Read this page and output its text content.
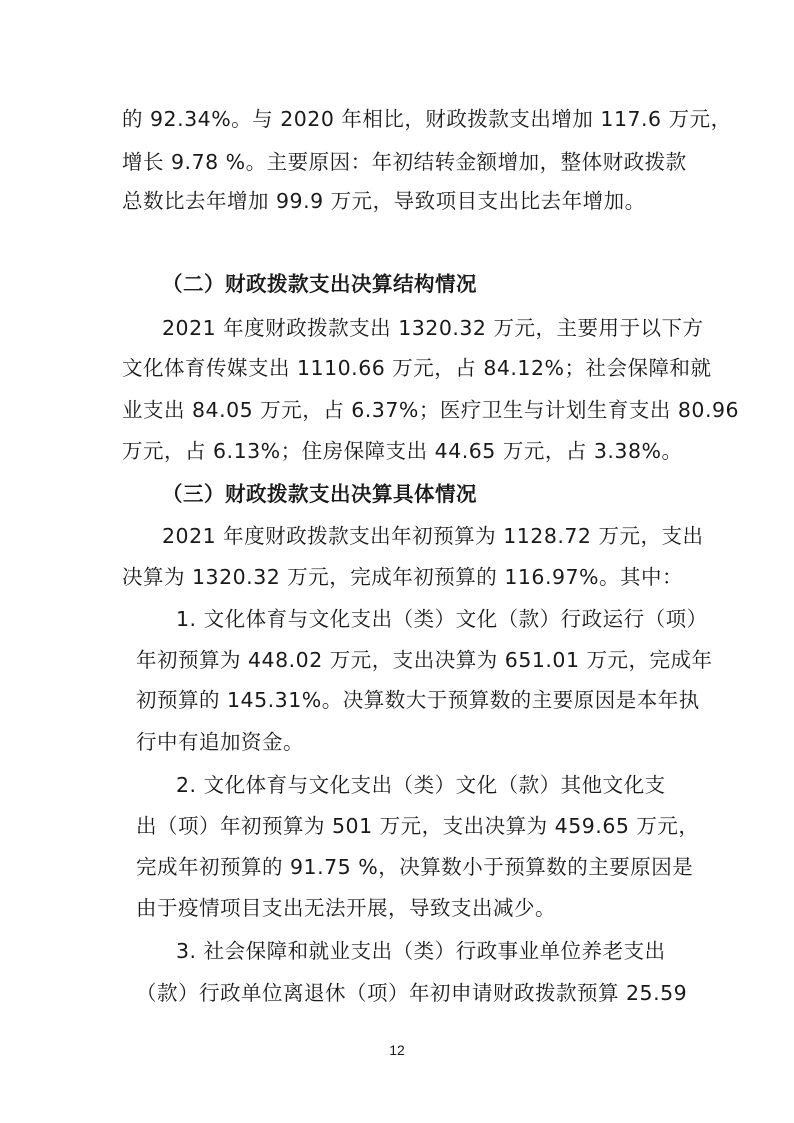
的 92.34%。与 2020 年相比，财政拨款支出增加 117.6 万元，
增长 9.78 %。主要原因：年初结转金额增加，整体财政拨款
总数比去年增加 99.9 万元，导致项目支出比去年增加。
（二）财政拨款支出决算结构情况
2021 年度财政拨款支出 1320.32 万元，主要用于以下方
文化体育传媒支出 1110.66 万元，占 84.12%；社会保障和就
业支出 84.05 万元，占 6.37%；医疗卫生与计划生育支出 80.96
万元，占 6.13%；住房保障支出 44.65 万元，占 3.38%。
（三）财政拨款支出决算具体情况
2021 年度财政拨款支出年初预算为 1128.72 万元，支出
决算为 1320.32 万元，完成年初预算的 116.97%。其中：
1. 文化体育与文化支出（类）文化（款）行政运行（项）
年初预算为 448.02 万元，支出决算为 651.01 万元，完成年
初预算的 145.31%。决算数大于预算数的主要原因是本年执
行中有追加资金。
2. 文化体育与文化支出（类）文化（款）其他文化支
出（项）年初预算为 501 万元，支出决算为 459.65 万元，
完成年初预算的 91.75 %，决算数小于预算数的主要原因是
由于疫情项目支出无法开展，导致支出减少。
3. 社会保障和就业支出（类）行政事业单位养老支出
（款）行政单位离退休（项）年初申请财政拨款预算 25.59
12
